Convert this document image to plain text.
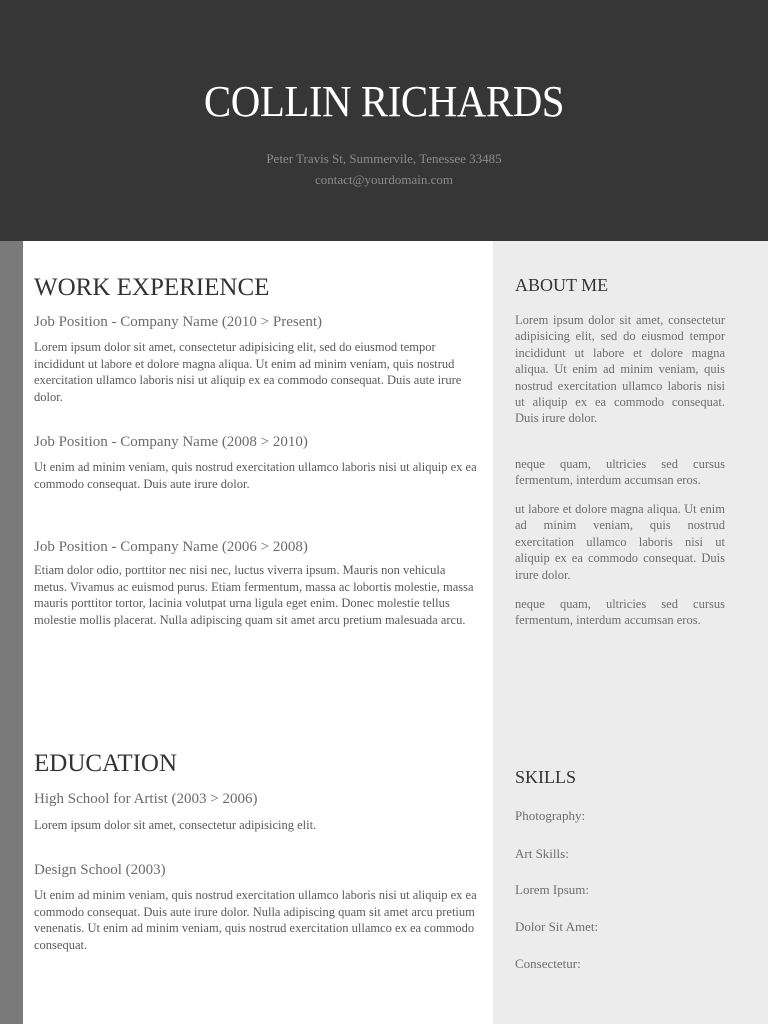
COLLIN RICHARDS
Peter Travis St, Summervile, Tenessee 33485
contact@yourdomain.com
WORK EXPERIENCE
Job Position - Company Name (2010 > Present)
Lorem ipsum dolor sit amet, consectetur adipisicing elit, sed do eiusmod tempor incididunt ut labore et dolore magna aliqua. Ut enim ad minim veniam, quis nostrud exercitation ullamco laboris nisi ut aliquip ex ea commodo consequat. Duis aute irure dolor.
Job Position - Company Name (2008 > 2010)
Ut enim ad minim veniam, quis nostrud exercitation ullamco laboris nisi ut aliquip ex ea commodo consequat. Duis aute irure dolor.
Job Position - Company Name (2006 > 2008)
Etiam dolor odio, porttitor nec nisi nec, luctus viverra ipsum. Mauris non vehicula metus. Vivamus ac euismod purus. Etiam fermentum, massa ac lobortis molestie, massa mauris porttitor tortor, lacinia volutpat urna ligula eget enim. Donec molestie tellus molestie mollis placerat. Nulla adipiscing quam sit amet arcu pretium malesuada arcu.
EDUCATION
High School for Artist (2003 > 2006)
Lorem ipsum dolor sit amet, consectetur adipisicing elit.
Design School (2003)
Ut enim ad minim veniam, quis nostrud exercitation ullamco laboris nisi ut aliquip ex ea commodo consequat. Duis aute irure dolor. Nulla adipiscing quam sit amet arcu pretium venenatis. Ut enim ad minim veniam, quis nostrud exercitation ullamco ex ea commodo consequat.
ABOUT ME
Lorem ipsum dolor sit amet, consectetur adipisicing elit, sed do eiusmod tempor incididunt ut labore et dolore magna aliqua. Ut enim ad minim veniam, quis nostrud exercitation ullamco laboris nisi ut aliquip ex ea commodo consequat. Duis irure dolor.
neque quam, ultricies sed cursus fermentum, interdum accumsan eros.
ut labore et dolore magna aliqua. Ut enim ad minim veniam, quis nostrud exercitation ullamco laboris nisi ut aliquip ex ea commodo consequat. Duis irure dolor.
neque quam, ultricies sed cursus fermentum, interdum accumsan eros.
SKILLS
Photography:
Art Skills:
Lorem Ipsum:
Dolor Sit Amet:
Consectetur:
